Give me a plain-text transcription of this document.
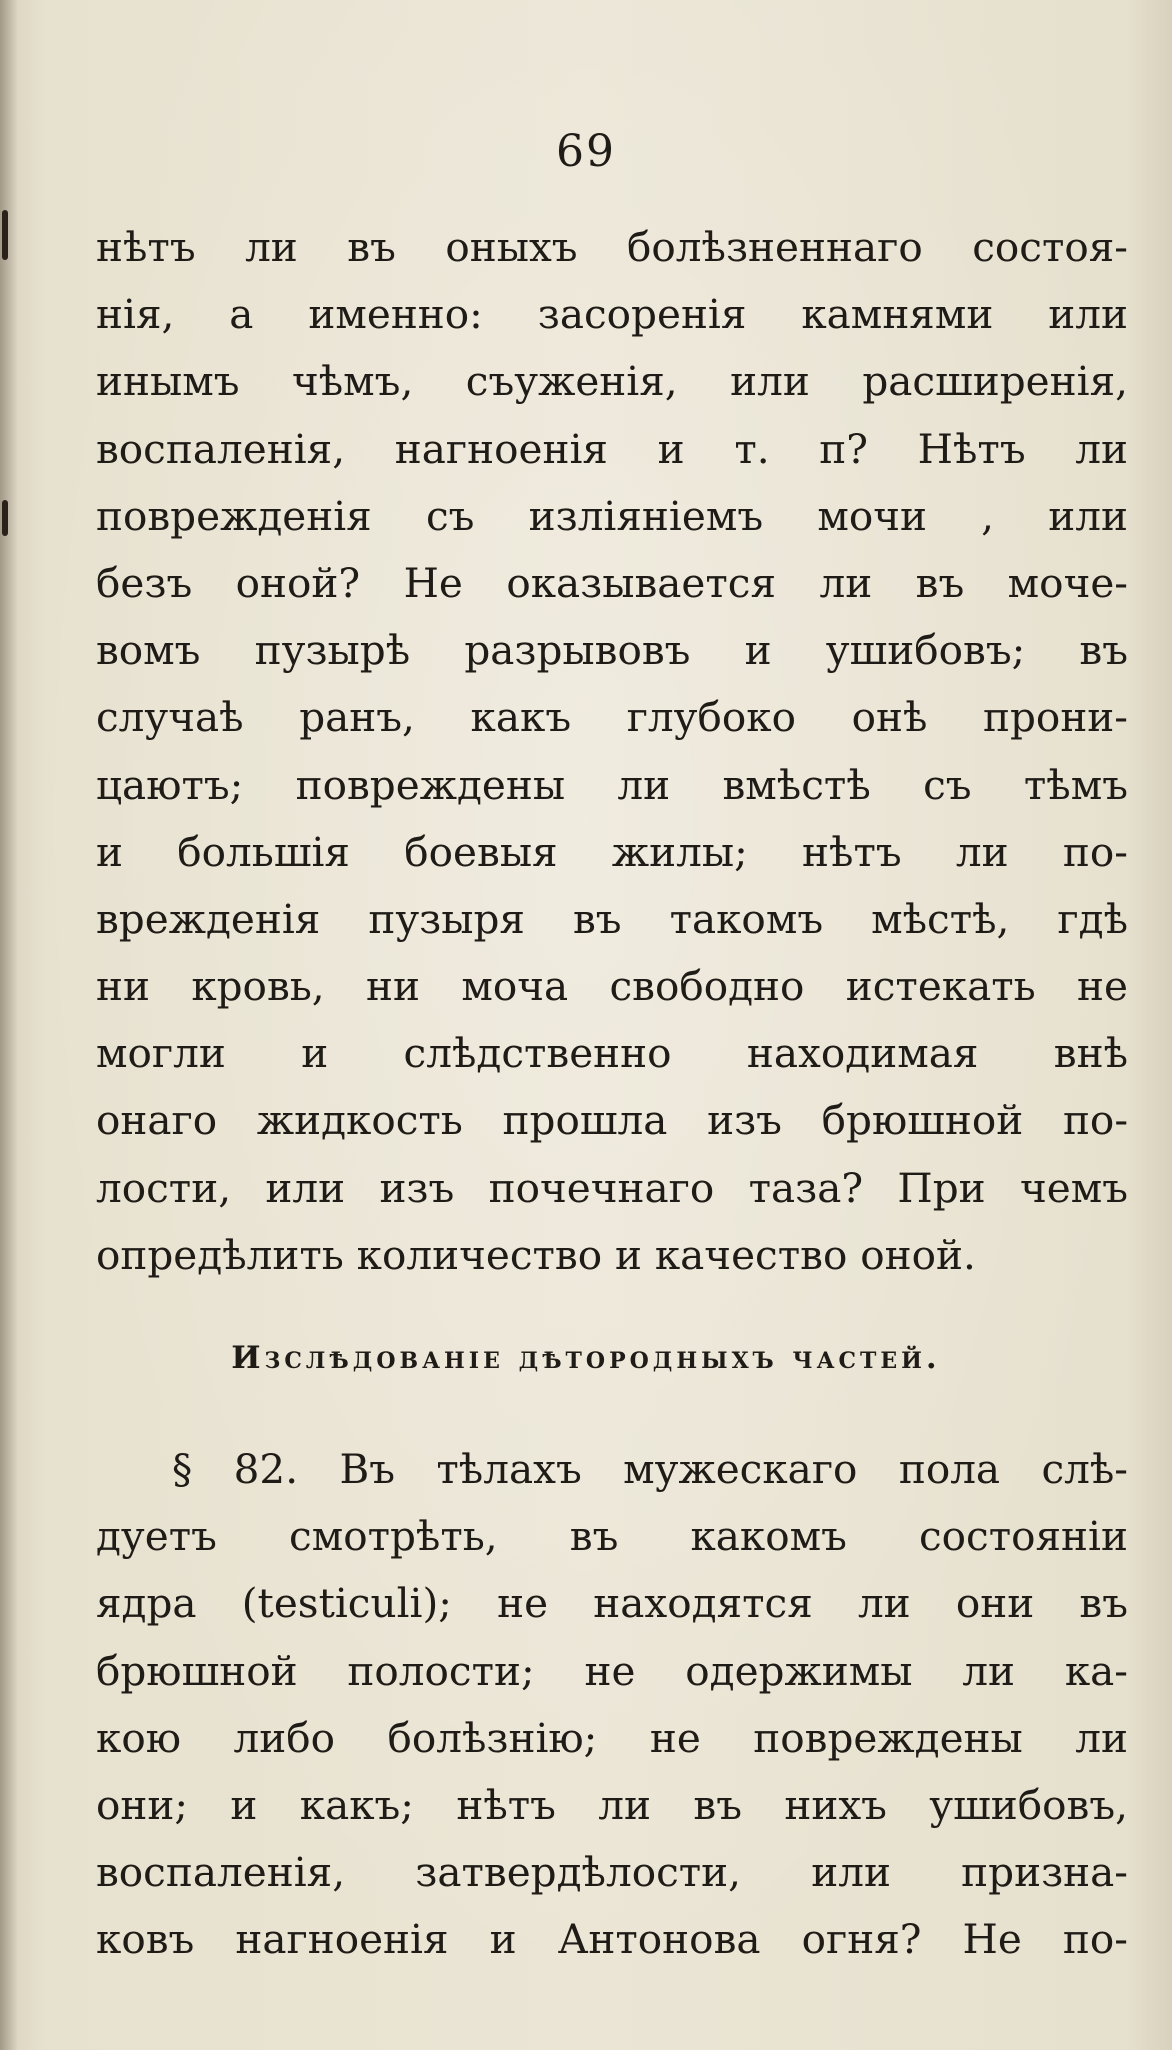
69
нѣтъ ли въ оныхъ болѣзненнаго состоя-
нія, а именно: засоренія камнями или
инымъ чѣмъ, съуженія, или расширенія,
воспаленія, нагноенія и т. п? Нѣтъ ли
поврежденія съ изліяніемъ мочи , или
безъ оной? Не оказывается ли въ моче-
вомъ пузырѣ разрывовъ и ушибовъ; въ
случаѣ ранъ, какъ глубоко онѣ прони-
цаютъ; повреждены ли вмѣстѣ съ тѣмъ
и большія боевыя жилы; нѣтъ ли по-
врежденія пузыря въ такомъ мѣстѣ, гдѣ
ни кровь, ни моча свободно истекать не
могли и слѣдственно находимая внѣ
онаго жидкость прошла изъ брюшной по-
лости, или изъ почечнаго таза? При чемъ
опредѣлить количество и качество оной.
Изслѣдованіе дѣтородныхъ частей.
§ 82. Въ тѣлахъ мужескаго пола слѣ-
дуетъ смотрѣть, въ какомъ состояніи
ядра (testiculi); не находятся ли они въ
брюшной полости; не одержимы ли ка-
кою либо болѣзнію; не повреждены ли
они; и какъ; нѣтъ ли въ нихъ ушибовъ,
воспаленія, затвердѣлости, или призна-
ковъ нагноенія и Антонова огня? Не по-
